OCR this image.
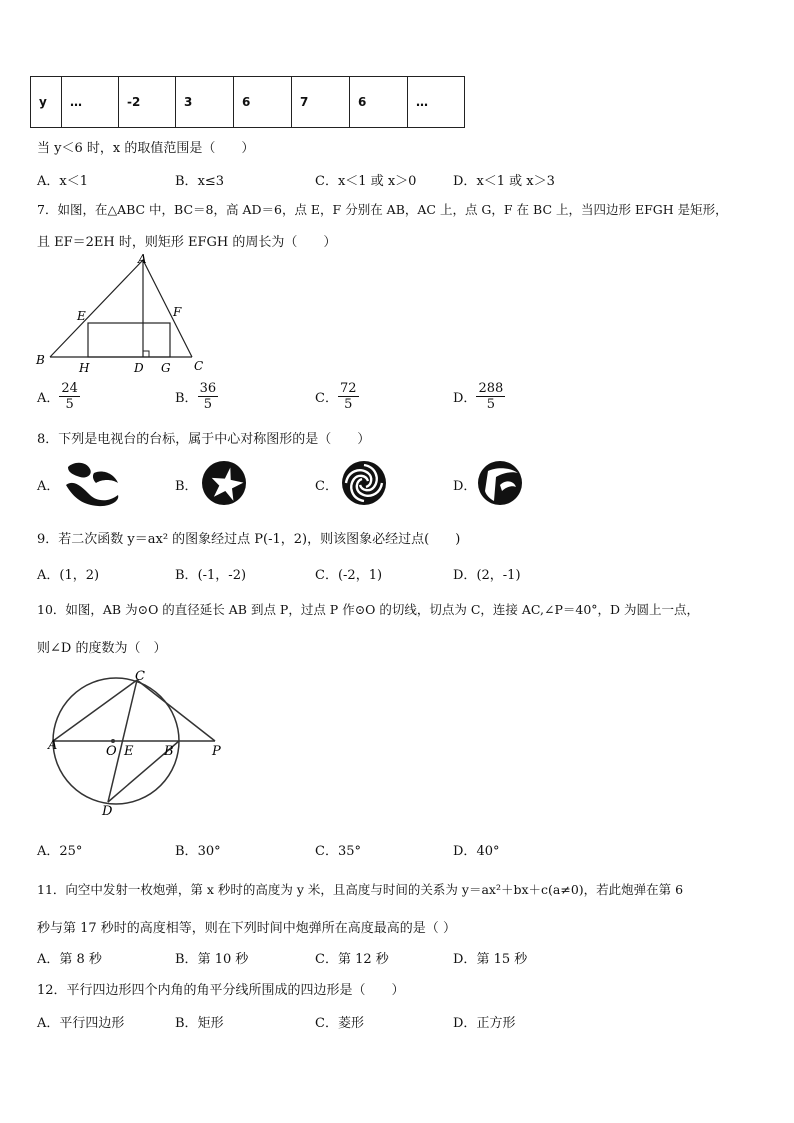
y	…	-2	3	6	7	6	…
当 y＜6 时，x 的取值范围是（　　）
A．x＜1	B．x≤3	C．x＜1 或 x＞0	D．x＜1 或 x＞3
7．如图，在△ABC 中，BC＝8，高 AD＝6，点 E，F 分别在 AB，AC 上，点 G，F 在 BC 上，当四边形 EFGH 是矩形，
且 EF＝2EH 时，则矩形 EFGH 的周长为（　　）
A
B	C
D
E	F
G
H
A． $\frac{24}{5}$	B． $\frac{36}{5}$	C． $\frac{72}{5}$	D． $\frac{288}{5}$
8．下列是电视台的台标，属于中心对称图形的是（　　）
A．	B．	C．	D．
9．若二次函数 y＝ax² 的图象经过点 P(-1，2)，则该图象必经过点(　　)
A．(1，2)	B．(-1，-2)	C．(-2，1)	D．(2，-1)
10．如图，AB 为⊙O 的直径延长 AB 到点 P，过点 P 作⊙O 的切线，切点为 C，连接 AC,∠P＝40°，D 为圆上一点，
则∠D 的度数为（　）
A	O E B	P
C
D
A．25°	B．30°	C．35°	D．40°
11．向空中发射一枚炮弹，第 x 秒时的高度为 y 米，且高度与时间的关系为 y＝ax²＋bx＋c(a≠0)，若此炮弹在第 6
秒与第 17 秒时的高度相等，则在下列时间中炮弹所在高度最高的是（ ）
A．第 8 秒	B．第 10 秒	C．第 12 秒	D．第 15 秒
12．平行四边形四个内角的角平分线所围成的四边形是（　　）
A．平行四边形	B．矩形	C．菱形	D．正方形
